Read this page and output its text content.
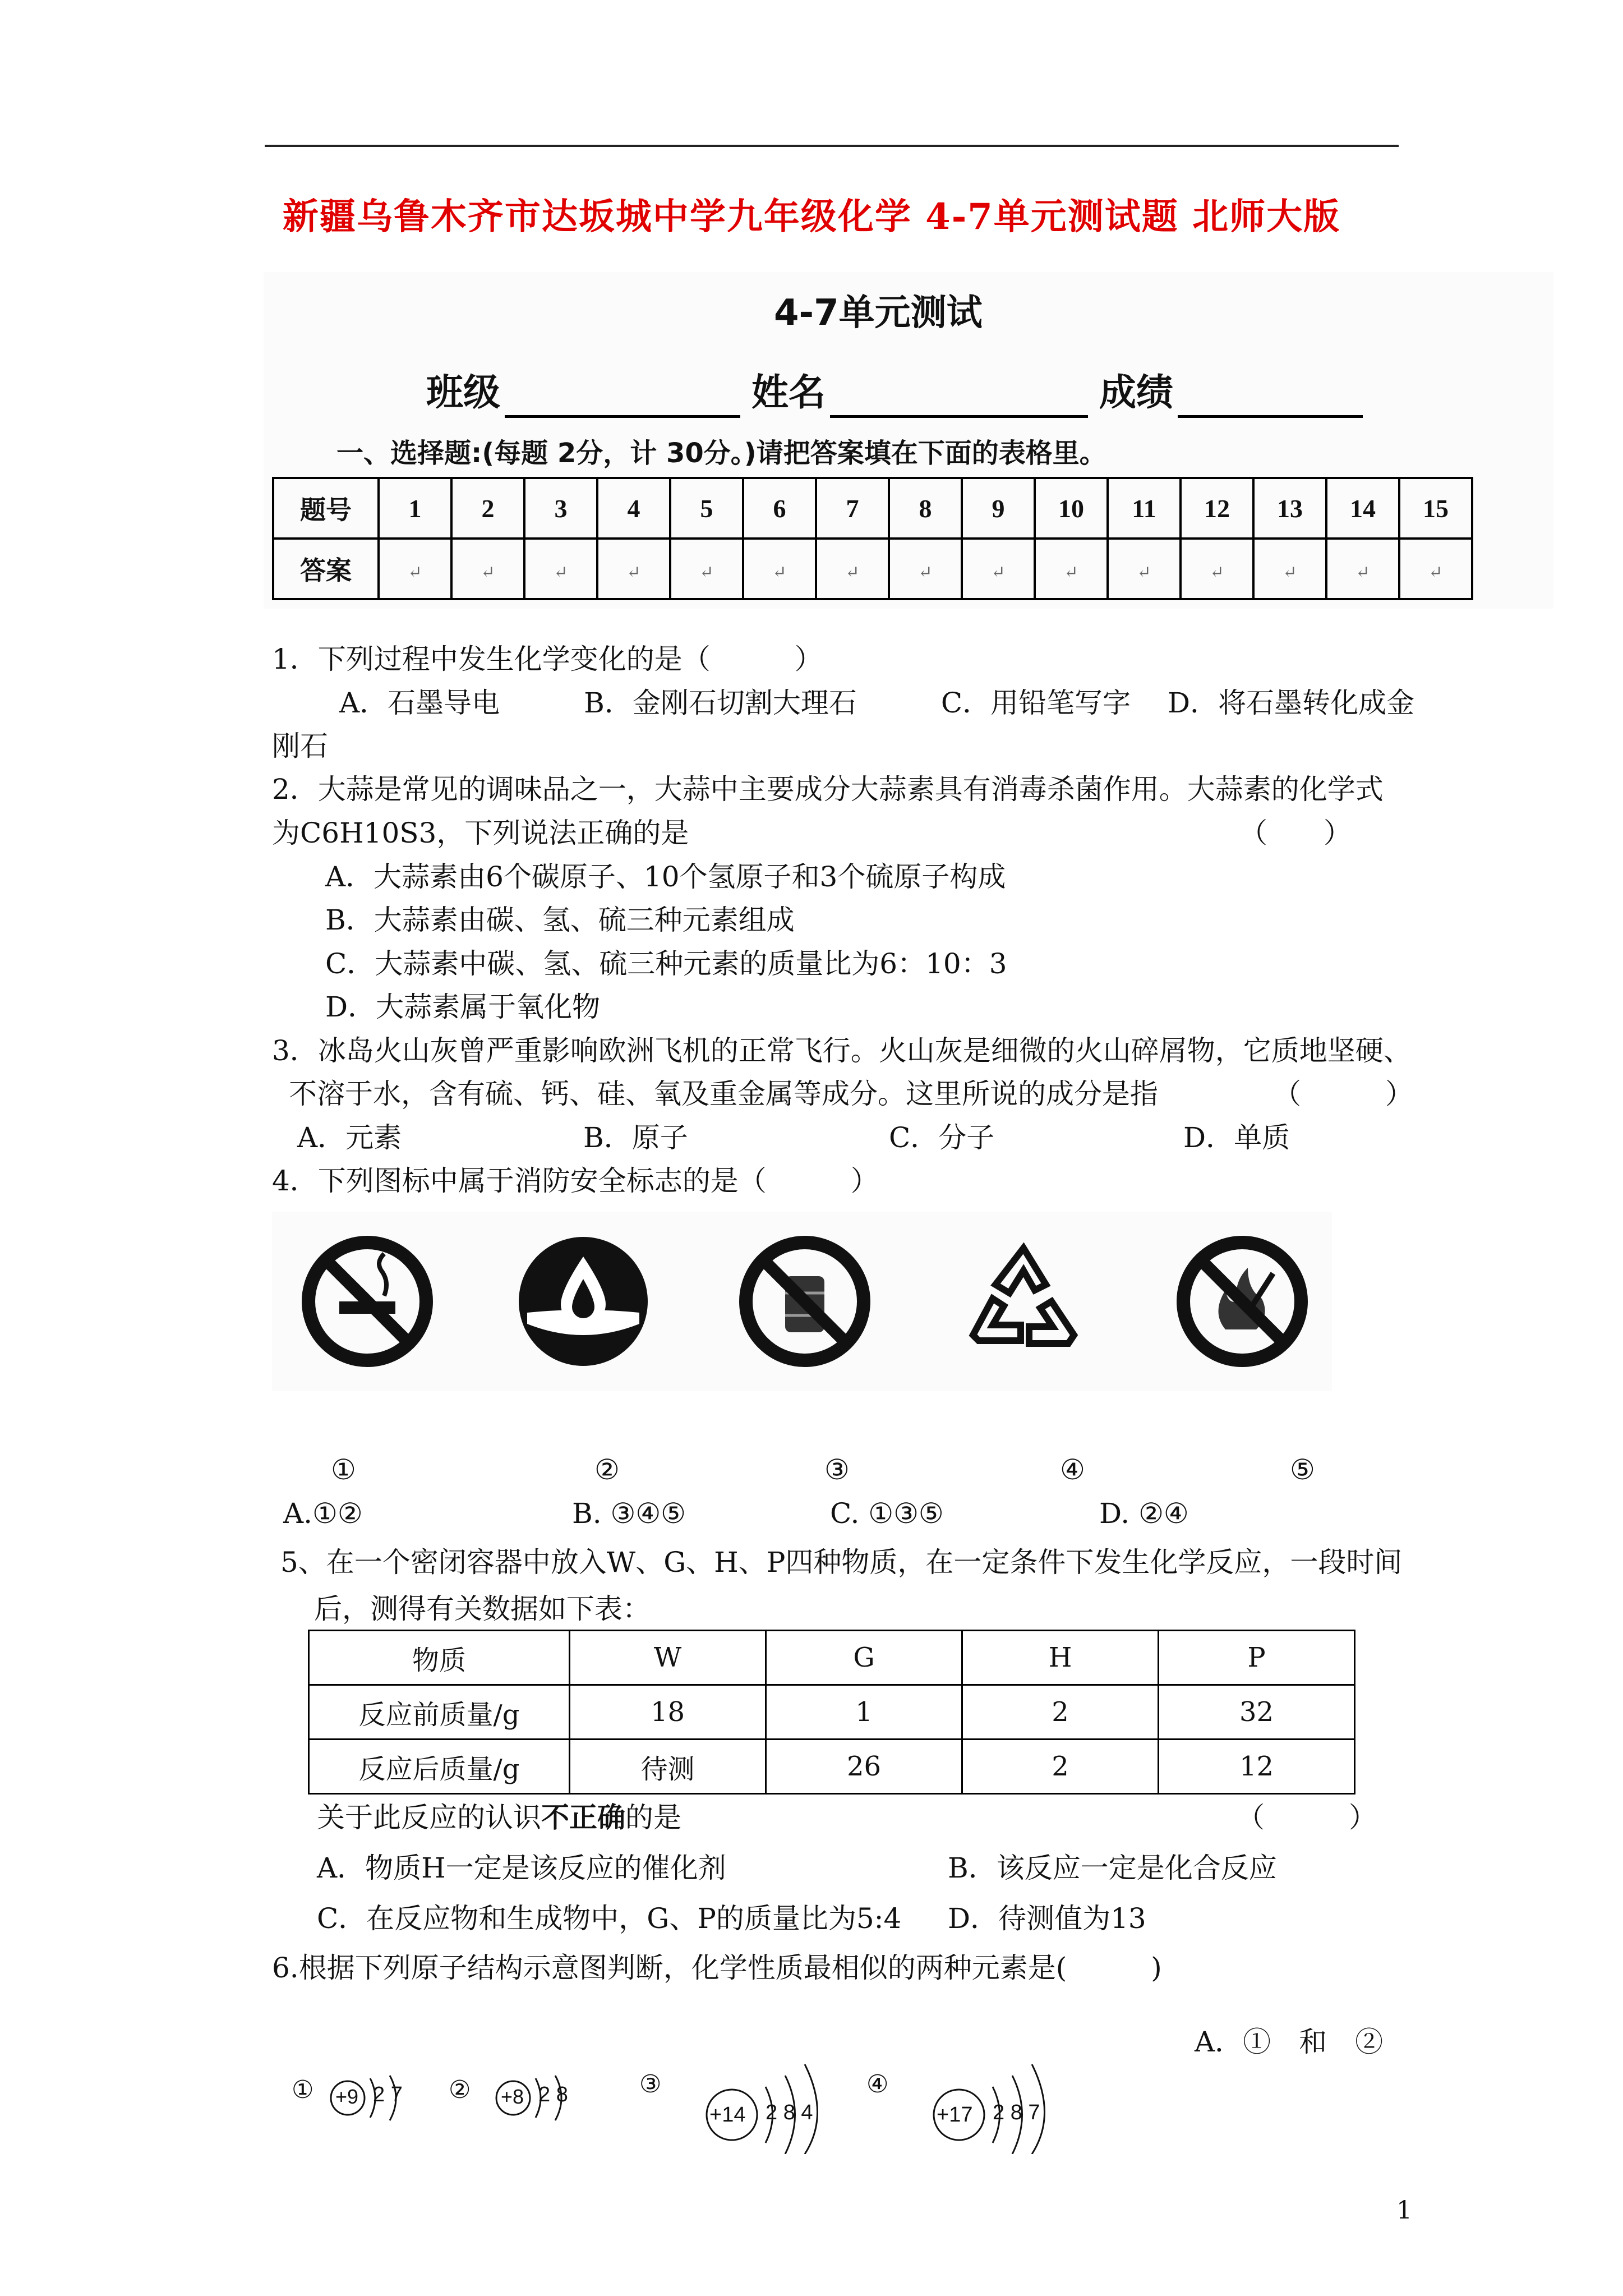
新疆乌鲁木齐市达坂城中学九年级化学 4-7单元测试题 北师大版
4-7单元测试
班级	姓名	成绩
一、选择题:(每题 2分，计 30分。)请把答案填在下面的表格里。
题号	1	2	3	4	5	6	7	8	9	10	11	12	13	14	15
答案	↵	↵	↵	↵	↵	↵	↵	↵	↵	↵	↵	↵	↵	↵	↵
1．下列过程中发生化学变化的是（　　　）
A．石墨导电　　　B．金刚石切割大理石　　　C．用铅笔写字　 D．将石墨转化成金
刚石
2．大蒜是常见的调味品之一，大蒜中主要成分大蒜素具有消毒杀菌作用。大蒜素的化学式
为C6H10S3，下列说法正确的是	（　　）
A．大蒜素由6个碳原子、10个氢原子和3个硫原子构成
B．大蒜素由碳、氢、硫三种元素组成
C．大蒜素中碳、氢、硫三种元素的质量比为6：10：3
D．大蒜素属于氧化物
3．冰岛火山灰曾严重影响欧洲飞机的正常飞行。火山灰是细微的火山碎屑物，它质地坚硬、
不溶于水，含有硫、钙、硅、氧及重金属等成分。这里所说的成分是指	（　　　）
A．元素	B．原子	C．分子	D．单质
4．下列图标中属于消防安全标志的是（　　　）
①	②	③	④	⑤
A.①②	B. ③④⑤	C. ①③⑤	D. ②④
5、在一个密闭容器中放入W、G、H、P四种物质，在一定条件下发生化学反应，一段时间
后，测得有关数据如下表：
物质	W	G	H	P
反应前质量/g	18	1	2	32
反应后质量/g	待测	26	2	12
关于此反应的认识不正确的是	（　　　）
A．物质H一定是该反应的催化剂	B．该反应一定是化合反应
C．在反应物和生成物中，G、P的质量比为5:4 D．待测值为13
6.根据下列原子结构示意图判断，化学性质最相似的两种元素是(　　　)
A．①　和　②
① +9 2 7 ② +8 2 8	③
+14 2 8 4
④
+17 2 8 7
1
